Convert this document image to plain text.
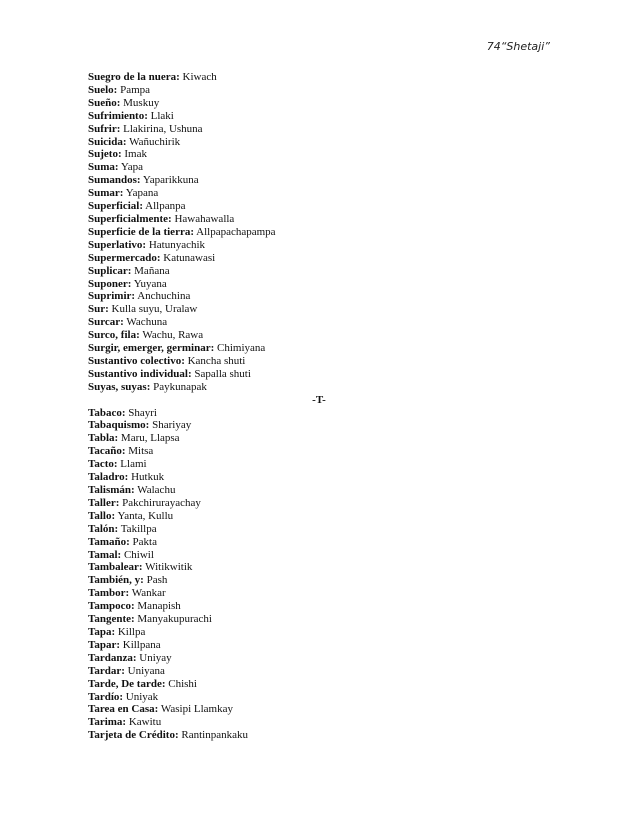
74“Shetaji”
Suegro de la nuera: Kiwach
Suelo: Pampa
Sueño: Muskuy
Sufrimiento: Llaki
Sufrir: Llakirina, Ushuna
Suicida: Wañuchirik
Sujeto: Imak
Suma: Yapa
Sumandos: Yaparikkuna
Sumar: Yapana
Superficial: Allpanpa
Superficialmente: Hawahawalla
Superficie de la tierra: Allpapachapampa
Superlativo: Hatunyachik
Supermercado: Katunawasi
Suplicar: Mañana
Suponer: Yuyana
Suprimir: Anchuchina
Sur: Kulla suyu, Uralaw
Surcar: Wachuna
Surco, fila: Wachu, Rawa
Surgir, emerger, germinar: Chimiyana
Sustantivo colectivo: Kancha shuti
Sustantivo individual: Sapalla shuti
Suyas, suyas: Paykunapak
-T-
Tabaco: Shayri
Tabaquismo: Shariyay
Tabla: Maru, Llapsa
Tacaño: Mitsa
Tacto: Llami
Taladro: Hutkuk
Talismán: Walachu
Taller: Pakchirurayachay
Tallo: Yanta, Kullu
Talón: Takillpa
Tamaño: Pakta
Tamal: Chiwil
Tambalear: Witikwitik
También, y: Pash
Tambor: Wankar
Tampoco: Manapish
Tangente: Manyakupurachi
Tapa: Killpa
Tapar: Killpana
Tardanza: Uniyay
Tardar: Uniyana
Tarde, De tarde: Chishi
Tardío: Uniyak
Tarea en Casa: Wasipi Llamkay
Tarima: Kawitu
Tarjeta de Crédito: Rantinpankaku
